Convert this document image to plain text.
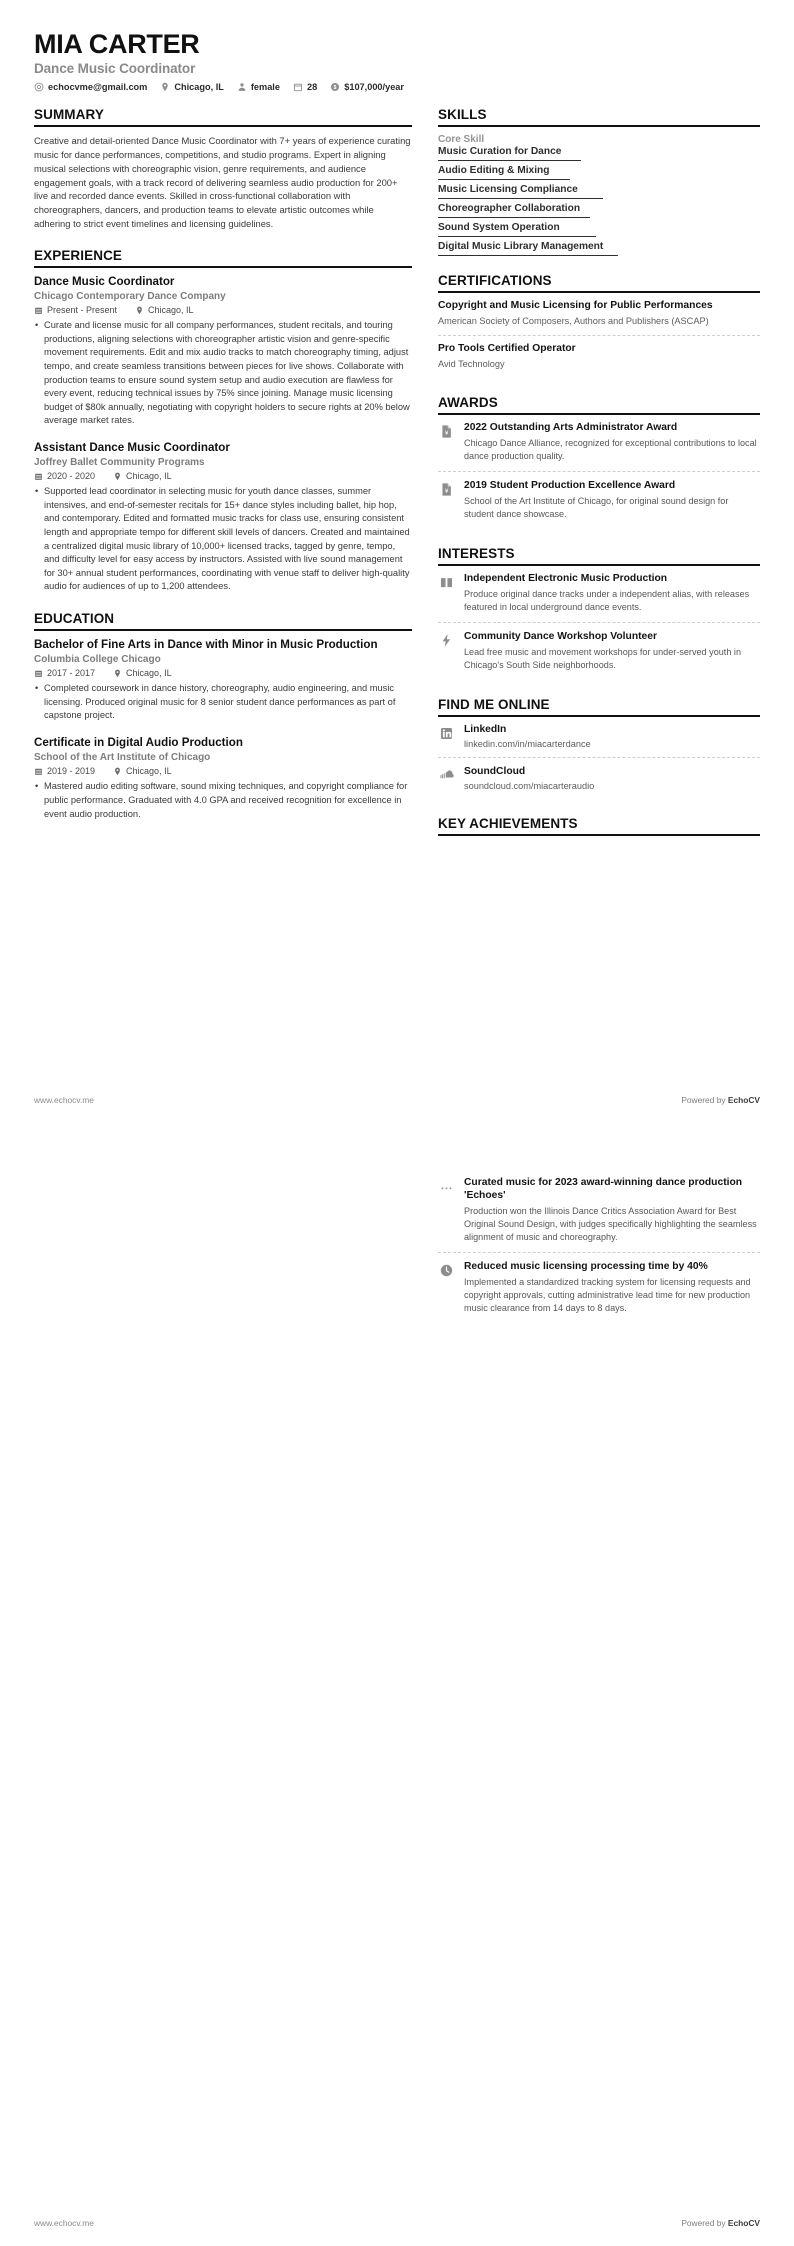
MIA CARTER
Dance Music Coordinator
echocvme@gmail.com	Chicago, IL	female	28 $ $107,000/year
SUMMARY
Creative and detail-oriented Dance Music Coordinator with 7+ years of experience curating music for dance performances, competitions, and studio programs. Expert in aligning musical selections with choreographic vision, genre requirements, and audience engagement goals, with a track record of delivering seamless audio production for 200+ live and recorded dance events. Skilled in cross-functional collaboration with choreographers, dancers, and production teams to elevate artistic outcomes while adhering to strict event timelines and licensing guidelines.
EXPERIENCE
Dance Music Coordinator
Chicago Contemporary Dance Company
Present - Present	Chicago, IL
• Curate and license music for all company performances, student recitals, and touring productions, aligning selections with choreographer artistic vision and genre-specific movement requirements. Edit and mix audio tracks to match choreography timing, adjust tempo, and create seamless transitions between pieces for live shows. Collaborate with production teams to ensure sound system setup and audio execution are flawless for every event, reducing technical issues by 75% since joining. Manage music licensing budget of $80k annually, negotiating with copyright holders to secure rights at 20% below average market rates.
Assistant Dance Music Coordinator
Joffrey Ballet Community Programs
2020 - 2020	Chicago, IL
• Supported lead coordinator in selecting music for youth dance classes, summer intensives, and end-of-semester recitals for 15+ dance styles including ballet, hip hop, and contemporary. Edited and formatted music tracks for class use, ensuring consistent length and appropriate tempo for different skill levels of dancers. Created and maintained a centralized digital music library of 10,000+ licensed tracks, tagged by genre, tempo, and difficulty level for easy access by instructors. Assisted with live sound management for 30+ annual student performances, coordinating with venue staff to deliver high-quality audio for audiences of up to 1,200 attendees.
EDUCATION
Bachelor of Fine Arts in Dance with Minor in Music Production
Columbia College Chicago
2017 - 2017	Chicago, IL
• Completed coursework in dance history, choreography, audio engineering, and music licensing. Produced original music for 8 senior student dance performances as part of capstone project.
Certificate in Digital Audio Production
School of the Art Institute of Chicago
2019 - 2019	Chicago, IL
• Mastered audio editing software, sound mixing techniques, and copyright compliance for public performance. Graduated with 4.0 GPA and received recognition for excellence in event audio production.
SKILLS
Core Skill
Music Curation for Dance
Audio Editing & Mixing
Music Licensing Compliance
Choreographer Collaboration
Sound System Operation
Digital Music Library Management
CERTIFICATIONS
Copyright and Music Licensing for Public Performances
American Society of Composers, Authors and Publishers (ASCAP)
Pro Tools Certified Operator
Avid Technology
AWARDS
¥
2022 Outstanding Arts Administrator Award
Chicago Dance Alliance, recognized for exceptional contributions to local dance production quality.
¥
2019 Student Production Excellence Award
School of the Art Institute of Chicago, for original sound design for student dance showcase.
INTERESTS
Independent Electronic Music Production
Produce original dance tracks under a independent alias, with releases featured in local underground dance events.
Community Dance Workshop Volunteer
Lead free music and movement workshops for under-served youth in Chicago's South Side neighborhoods.
FIND ME ONLINE
LinkedIn
linkedin.com/in/miacarterdance
SoundCloud
soundcloud.com/miacarteraudio
KEY ACHIEVEMENTS
www.echocv.me	Powered by EchoCV
Curated music for 2023 award-winning dance production 'Echoes'
Production won the Illinois Dance Critics Association Award for Best Original Sound Design, with judges specifically highlighting the seamless alignment of music and choreography.
Reduced music licensing processing time by 40%
Implemented a standardized tracking system for licensing requests and copyright approvals, cutting administrative lead time for new production music clearance from 14 days to 8 days.
www.echocv.me	Powered by EchoCV
